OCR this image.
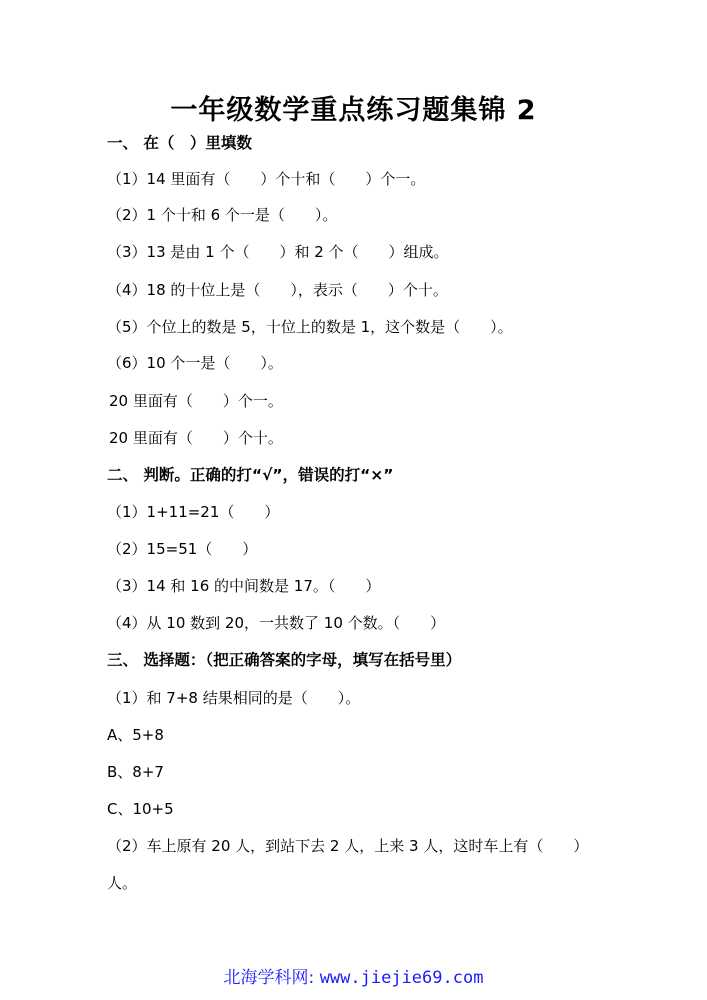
一年级数学重点练习题集锦 2
一、 在（　）里填数
（1）14 里面有（　　）个十和（　　）个一。
（2）1 个十和 6 个一是（　　）。
（3）13 是由 1 个（　　）和 2 个（　　）组成。
（4）18 的十位上是（　　），表示（　　）个十。
（5）个位上的数是 5，十位上的数是 1，这个数是（　　）。
（6）10 个一是（　　）。
20 里面有（　　）个一。
20 里面有（　　）个十。
二、 判断。正确的打“√”，错误的打“×”
（1）1+11=21（　　）
（2）15=51（　　）
（3）14 和 16 的中间数是 17。（　　）
（4）从 10 数到 20，一共数了 10 个数。（　　）
三、 选择题：（把正确答案的字母，填写在括号里）
（1）和 7+8 结果相同的是（　　）。
A、5+8
B、8+7
C、10+5
（2）车上原有 20 人，到站下去 2 人，上来 3 人，这时车上有（　　）
人。
北海学科网: www.jiejie69.com
